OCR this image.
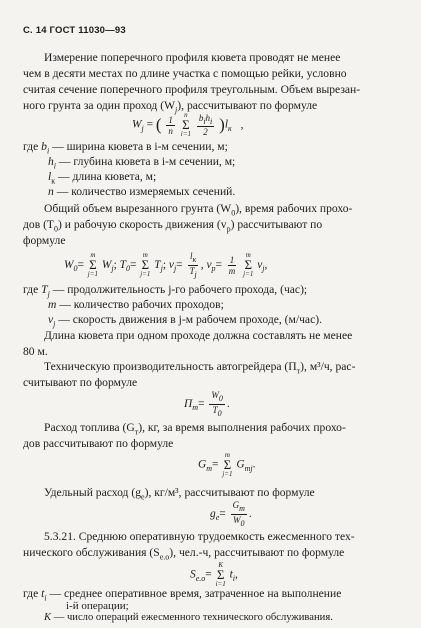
С. 14 ГОСТ 11030—93
Измерение поперечного профиля кювета проводят не менее
чем в десяти местах по длине участка с помощью рейки, условно
считая сечение поперечного профиля треугольным. Объем вырезан-
ного грунта за один проход $(W_j)$, рассчитывают по формуле
$W_j$ = ( $\frac{1}{n}$
n
Σ
i=1
$\frac{b_ih_i}{2} )l_к$ ,
где $b_i$ — ширина кювета в i-м сечении, м;
$h_i$ — глубина кювета в i-м сечении, м;
$l_к$ — длина кювета, м;
n — количество измеряемых сечений.
Общий объем вырезанного грунта $(W_0)$, время рабочих прохо-
дов $(T_0)$ и рабочую скорость движения $(v_р)$ рассчитывают по
формуле
$W_0=$
m
Σ
j=1
$W_j$; $T_0=$
m
Σ
j=1
$T_j$; $v_j= \frac{l_к}{T_j}$ , $v_р= \frac{1}{m}$
m
Σ
j=1
$v_j$,
где $T_j$ — продолжительность j-го рабочего прохода, (час);
m — количество рабочих проходов;
$v_j$ — скорость движения в j-м рабочем проходе, (м/час).
Длина кювета при одном проходе должна составлять не менее
80 м.
Техническую производительность автогрейдера $(П_т)$, м³/ч, рас-
считывают по формуле
$П_т= \frac{W_0}{T_0}$ .
Расход топлива $(G_т)$, кг, за время выполнения рабочих прохо-
дов рассчитывают по формуле
$G_т=$
m
Σ
j=1
$G_{тj}$.
Удельный расход $(g_е)$, кг/м³, рассчитывают по формуле
$g_е= \frac{G_т}{W_0}$ .
5.3.21. Среднюю оперативную трудоемкость ежесменного тех-
нического обслуживания $(S_{е.о})$, чел.-ч, рассчитывают по формуле
$S_{е.о}=$
K
Σ
i=1
$t_i$,
где $t_i$ — среднее оперативное время, затраченное на выполнение
i-й операции;
K — число операций ежесменного технического обслуживания.
